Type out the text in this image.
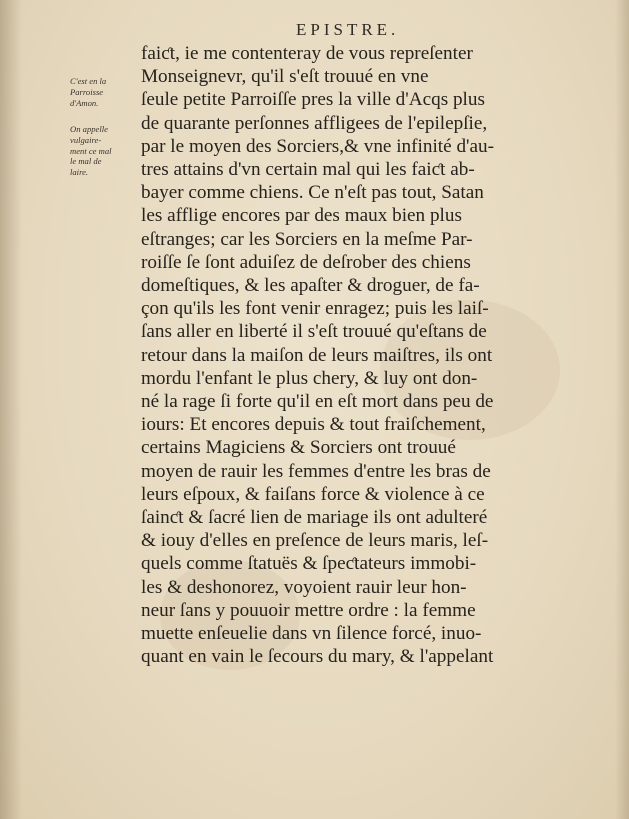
EPISTRE.
C'est en la
Parroisse
d'Amon.
On appelle
vulgaire-
ment ce mal
le mal de
laire.
faiƈt, ie me contenteray de vous repreſenter
Monseignevr, qu'il s'eſt trouué en vne
ſeule petite Parroiſſe pres la ville d'Acqs plus
de quarante perſonnes affligees de l'epilepſie,
par le moyen des Sorciers,& vne infinité d'au-
tres attains d'vn certain mal qui les faiƈt ab-
bayer comme chiens. Ce n'eſt pas tout, Satan
les afflige encores par des maux bien plus
eſtranges; car les Sorciers en la meſme Par-
roiſſe ſe ſont aduiſez de deſrober des chiens
domeſtiques, & les apaſter & droguer, de fa-
çon qu'ils les font venir enragez; puis les laiſ-
ſans aller en liberté il s'eſt trouué qu'eſtans de
retour dans la maiſon de leurs maiſtres, ils ont
mordu l'enfant le plus chery, & luy ont don-
né la rage ſi forte qu'il en eſt mort dans peu de
iours: Et encores depuis & tout fraiſchement,
certains Magiciens & Sorciers ont trouué
moyen de rauir les femmes d'entre les bras de
leurs eſpoux, & faiſans force & violence à ce
ſainƈt & ſacré lien de mariage ils ont adulteré
& iouy d'elles en preſence de leurs maris, leſ-
quels comme ſtatuës & ſpeƈtateurs immobi-
les & deshonorez, voyoient rauir leur hon-
neur ſans y pouuoir mettre ordre : la femme
muette enſeuelie dans vn ſilence forcé, inuo-
quant en vain le ſecours du mary, & l'appelant
